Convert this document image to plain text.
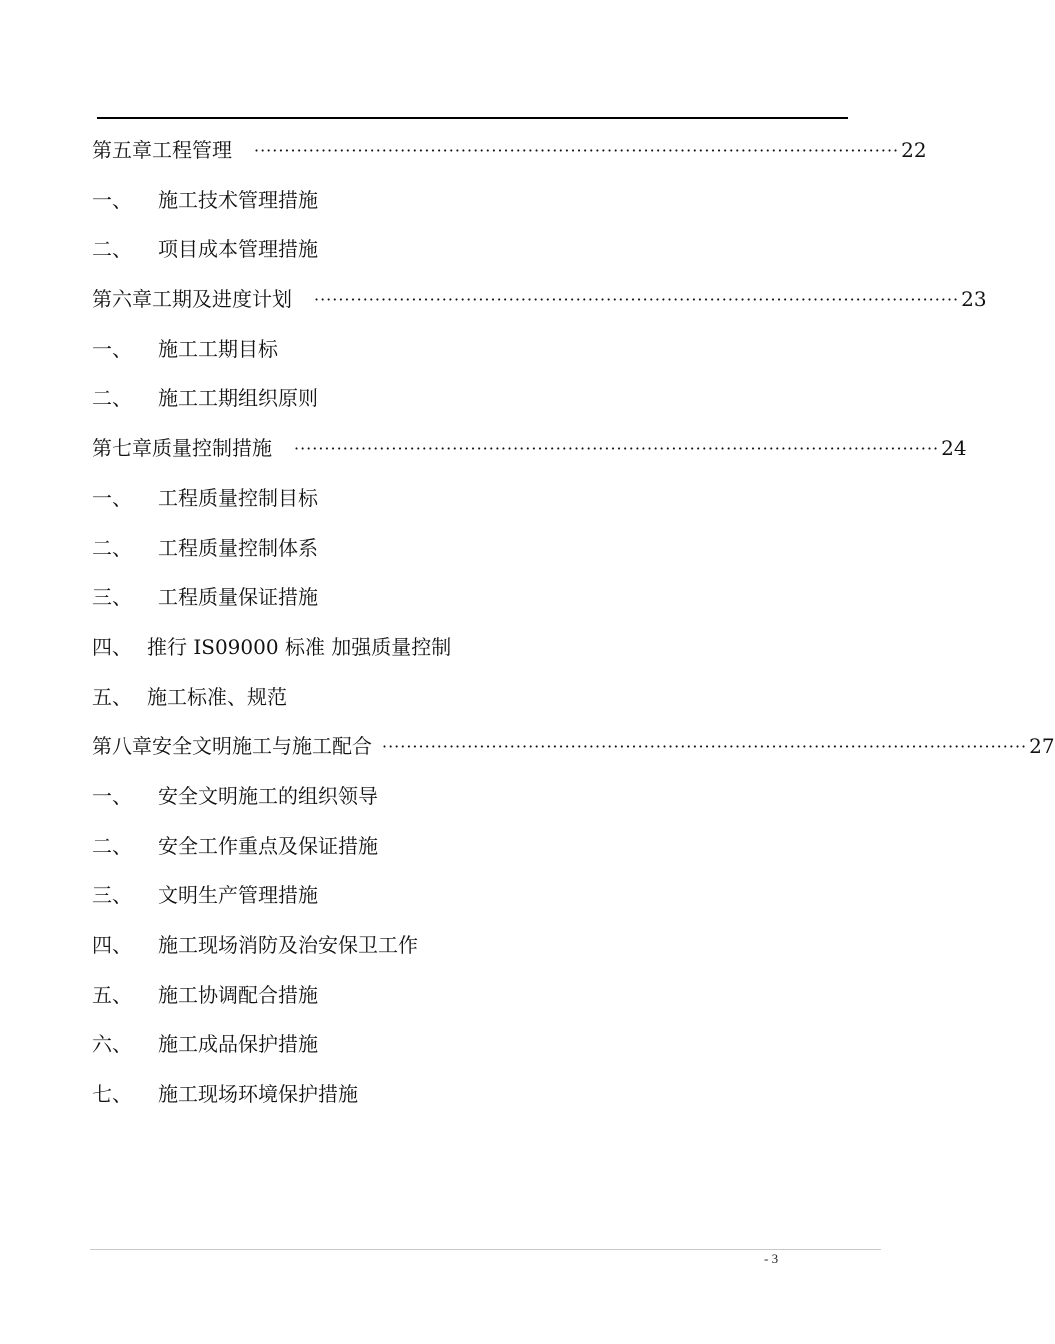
第五章 工程管理 ·········································································································· 22
一、	施工技术管理措施
二、	项目成本管理措施
第六章 工期及进度计划 ·········································································································· 23
一、	施工工期目标
二、	施工工期组织原则
第七章 质量控制措施 ·········································································································· 24
一、	工程质量控制目标
二、	工程质量控制体系
三、	工程质量保证措施
四、 推行 IS09000 标准 加强质量控制
五、 施工标准、规范
第八章 安全文明施工与施工配合 ·········································································································· 27
一、	安全文明施工的组织领导
二、	安全工作重点及保证措施
三、	文明生产管理措施
四、	施工现场消防及治安保卫工作
五、	施工协调配合措施
六、	施工成品保护措施
七、	施工现场环境保护措施
- 3
